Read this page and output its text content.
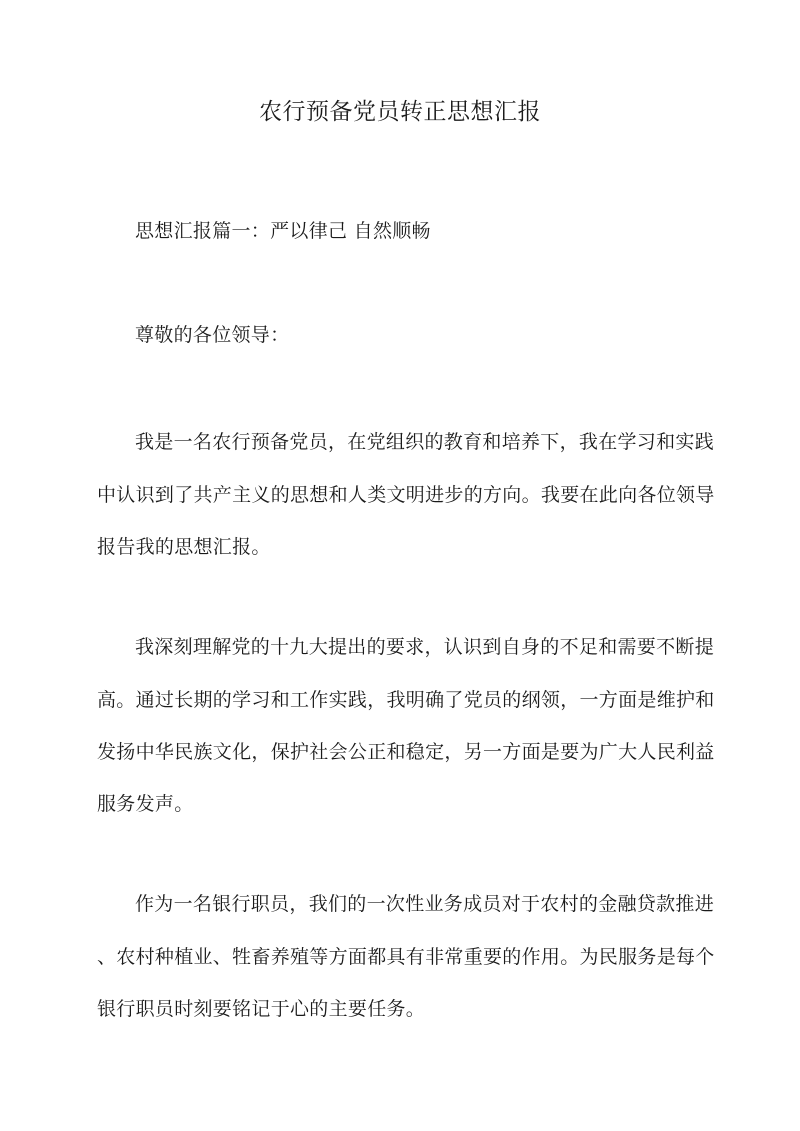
农行预备党员转正思想汇报

思想汇报篇一：严以律己 自然顺畅

尊敬的各位领导：

我是一名农行预备党员，在党组织的教育和培养下，我在学习和实践

中认识到了共产主义的思想和人类文明进步的方向。我要在此向各位领导

报告我的思想汇报。

我深刻理解党的十九大提出的要求，认识到自身的不足和需要不断提

高。通过长期的学习和工作实践，我明确了党员的纲领，一方面是维护和

发扬中华民族文化，保护社会公正和稳定，另一方面是要为广大人民利益

服务发声。

作为一名银行职员，我们的一次性业务成员对于农村的金融贷款推进

、农村种植业、牲畜养殖等方面都具有非常重要的作用。为民服务是每个

银行职员时刻要铭记于心的主要任务。
